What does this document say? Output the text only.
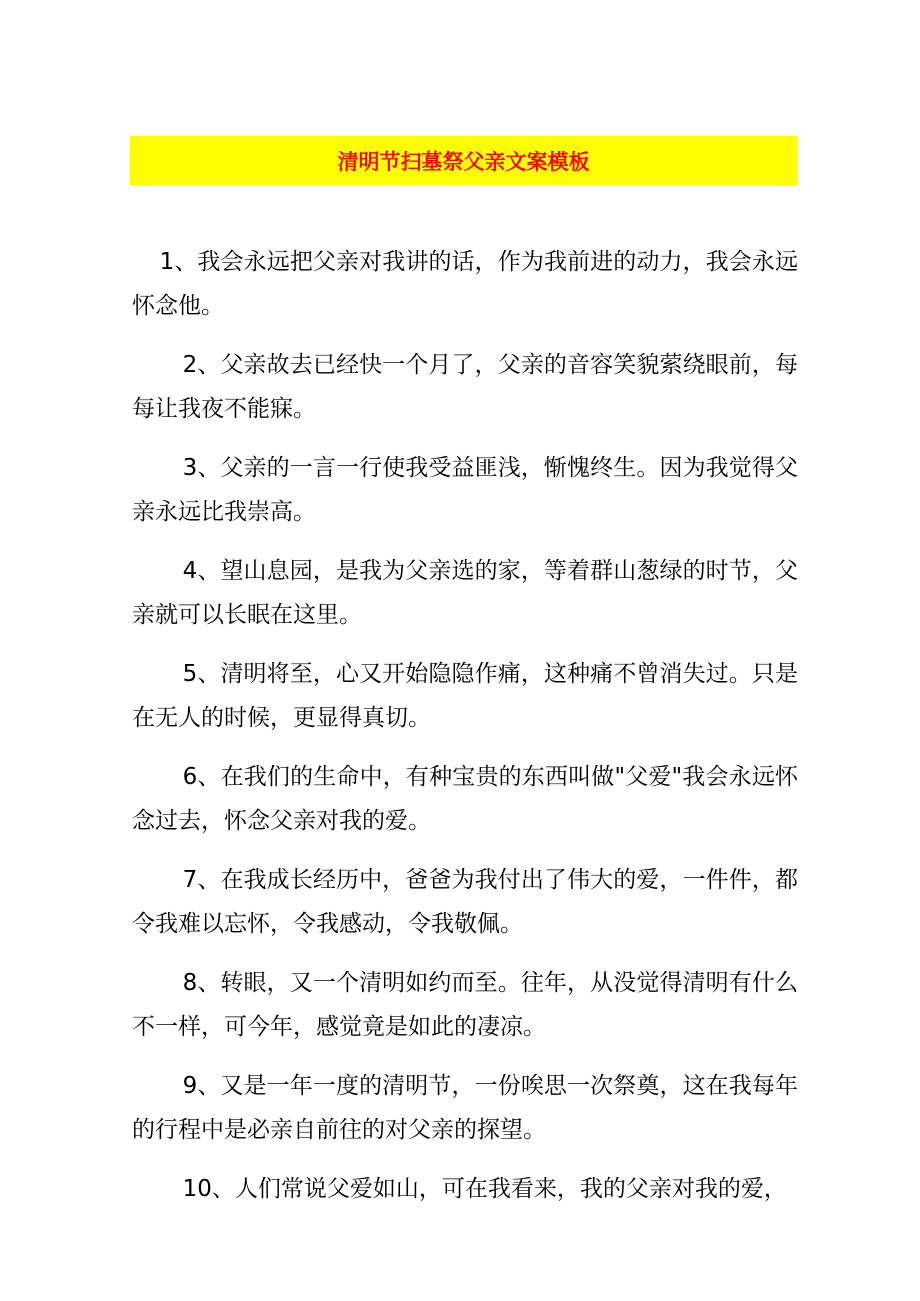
清明节扫墓祭父亲文案模板

1、我会永远把父亲对我讲的话，作为我前进的动力，我会永远怀念他。

2、父亲故去已经快一个月了，父亲的音容笑貌萦绕眼前，每每让我夜不能寐。

3、父亲的一言一行使我受益匪浅，惭愧终生。因为我觉得父亲永远比我崇高。

4、望山息园，是我为父亲选的家，等着群山葱绿的时节，父亲就可以长眠在这里。

5、清明将至，心又开始隐隐作痛，这种痛不曾消失过。只是在无人的时候，更显得真切。

6、在我们的生命中，有种宝贵的东西叫做"父爱"我会永远怀念过去，怀念父亲对我的爱。

7、在我成长经历中，爸爸为我付出了伟大的爱，一件件，都令我难以忘怀，令我感动，令我敬佩。

8、转眼，又一个清明如约而至。往年，从没觉得清明有什么不一样，可今年，感觉竟是如此的凄凉。

9、又是一年一度的清明节，一份唉思一次祭奠，这在我每年的行程中是必亲自前往的对父亲的探望。

10、人们常说父爱如山，可在我看来，我的父亲对我的爱，
